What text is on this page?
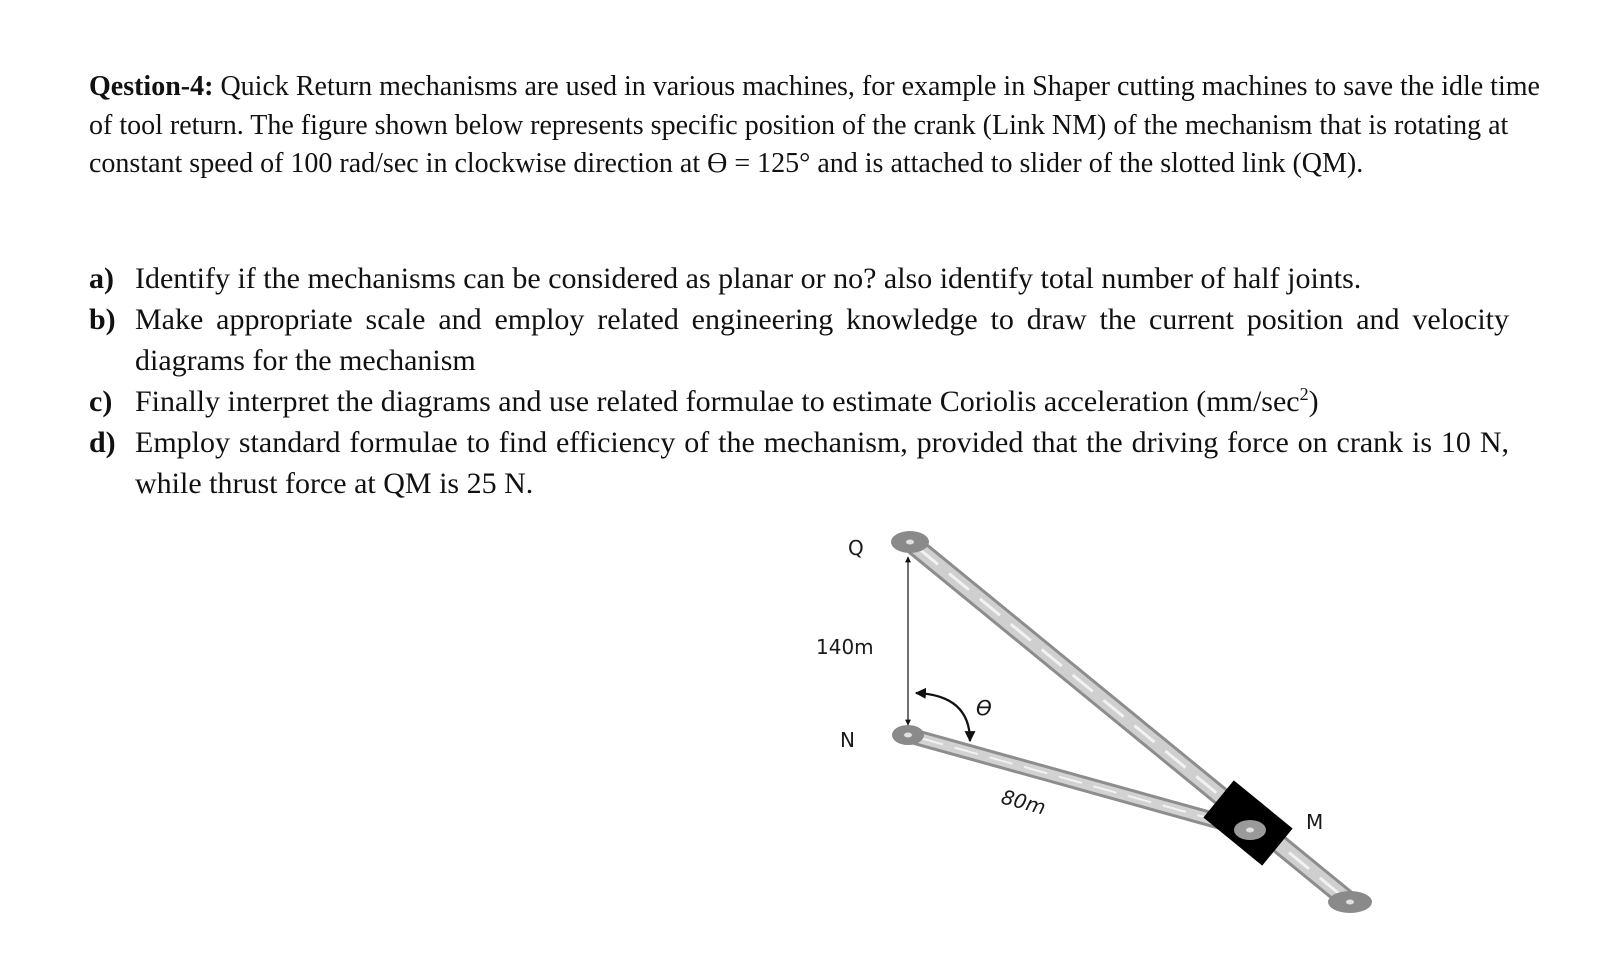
Qestion-4: Quick Return mechanisms are used in various machines, for example in Shaper cutting machines to save the idle time of tool return. The figure shown below represents specific position of the crank (Link NM) of the mechanism that is rotating at constant speed of 100 rad/sec in clockwise direction at ϴ = 125° and is attached to slider of the slotted link (QM).

a) Identify if the mechanisms can be considered as planar or no? also identify total number of half joints.
b) Make appropriate scale and employ related engineering knowledge to draw the current position and velocity diagrams for the mechanism
c) Finally interpret the diagrams and use related formulae to estimate Coriolis acceleration $(mm/\sec^2)$
d) Employ standard formulae to find efficiency of the mechanism, provided that the driving force on crank is 10 N, while thrust force at QM is 25 N.
Q
N
M
140m
ϴ
80m
